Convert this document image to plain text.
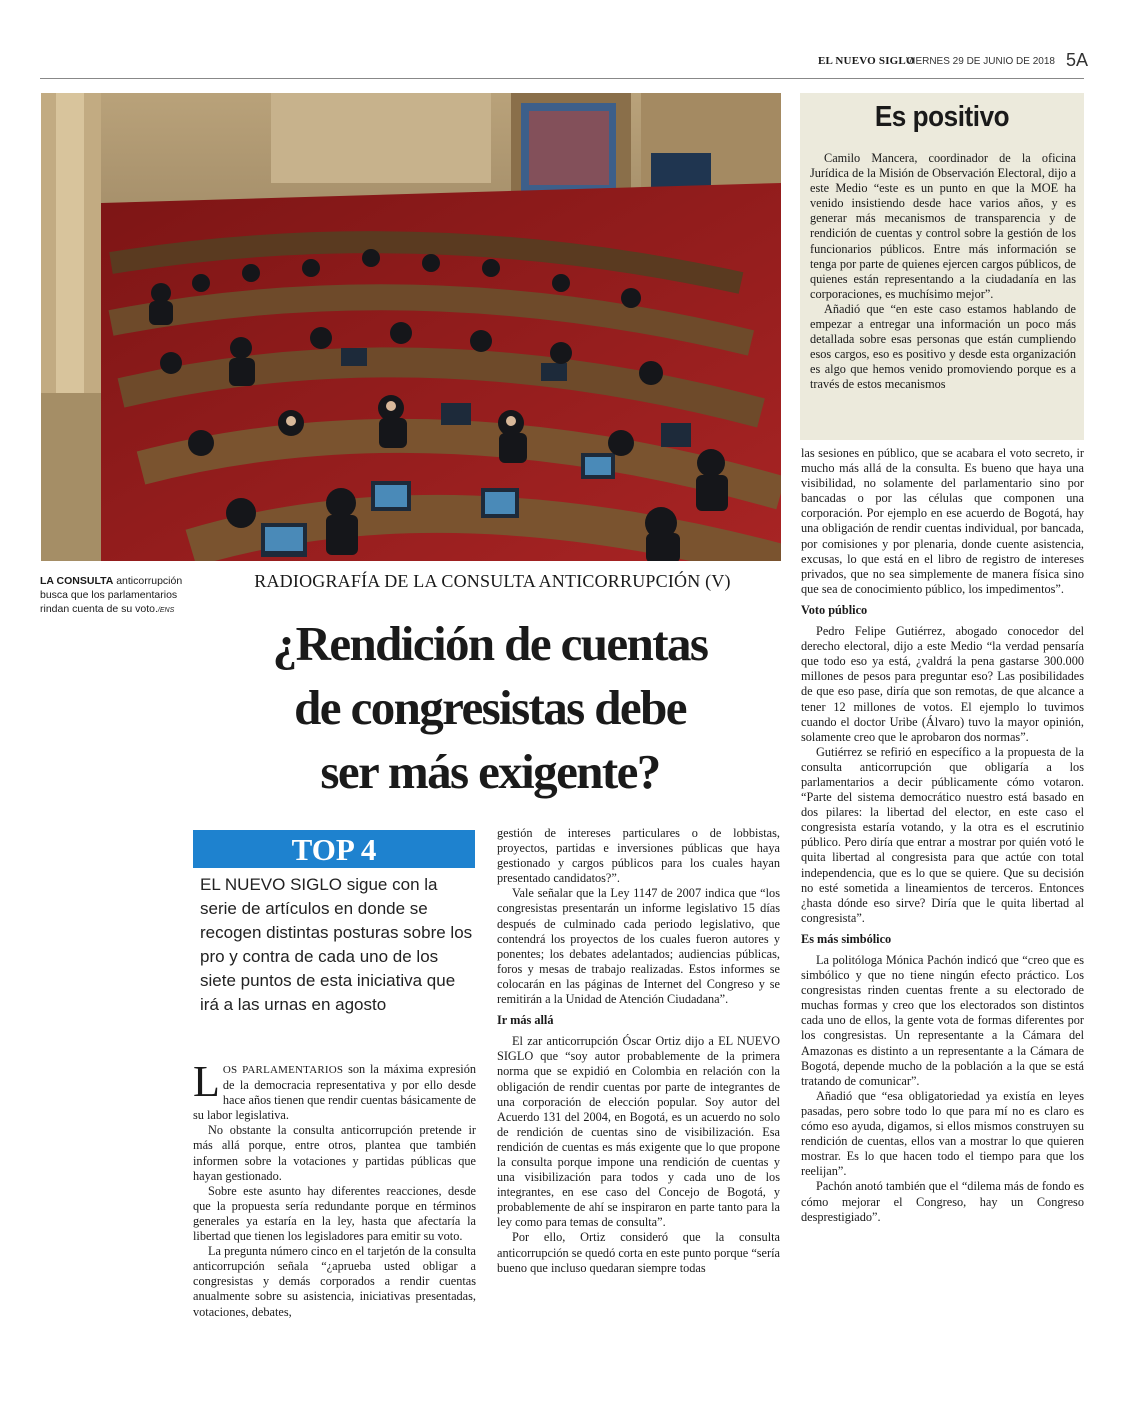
EL NUEVO SIGLO
VIERNES 29 DE JUNIO DE 2018 5A
LA CONSULTA anticorrupción busca que los parlamentarios rindan cuenta de su voto./ENS
RADIOGRAFÍA DE LA CONSULTA ANTICORRUPCIÓN (V)
¿Rendición de cuentas
de congresistas debe
ser más exigente?
TOP 4
EL NUEVO SIGLO sigue con la serie de artículos en donde se recogen distintas posturas sobre los pro y contra de cada uno de los siete puntos de esta iniciativa que irá a las urnas en agosto

LOS PARLAMENTARIOS son la máxima expresión de la democracia representativa y por ello desde hace años tienen que rendir cuentas básicamente de su labor legislativa.

No obstante la consulta anticorrupción pretende ir más allá porque, entre otros, plantea que también informen sobre la votaciones y partidas públicas que hayan gestionado.

Sobre este asunto hay diferentes reacciones, desde que la propuesta sería redundante porque en términos generales ya estaría en la ley, hasta que afectaría la libertad que tienen los legisladores para emitir su voto.

La pregunta número cinco en el tarjetón de la consulta anticorrupción señala “¿aprueba usted obligar a congresistas y demás corporados a rendir cuentas anualmente sobre su asistencia, iniciativas presentadas, votaciones, debates,

gestión de intereses particulares o de lobbistas, proyectos, partidas e inversiones públicas que haya gestionado y cargos públicos para los cuales hayan presentado candidatos?”.

Vale señalar que la Ley 1147 de 2007 indica que “los congresistas presentarán un informe legislativo 15 días después de culminado cada periodo legislativo, que contendrá los proyectos de los cuales fueron autores y ponentes; los debates adelantados; audiencias públicas, foros y mesas de trabajo realizadas. Estos informes se colocarán en las páginas de Internet del Congreso y se remitirán a la Unidad de Atención Ciudadana”.

Ir más allá

El zar anticorrupción Óscar Ortiz dijo a EL NUEVO SIGLO que “soy autor probablemente de la primera norma que se expidió en Colombia en relación con la obligación de rendir cuentas por parte de integrantes de una corporación de elección popular. Soy autor del Acuerdo 131 del 2004, en Bogotá, es un acuerdo no solo de rendición de cuentas sino de visibilización. Esa rendición de cuentas es más exigente que lo que propone la consulta porque impone una rendición de cuentas y una visibilización para todos y cada uno de los integrantes, en ese caso del Concejo de Bogotá, y probablemente de ahí se inspiraron en parte tanto para la ley como para temas de consulta”.

Por ello, Ortiz consideró que la consulta anticorrupción se quedó corta en este punto porque “sería bueno que incluso quedaran siempre todas

Es positivo

Camilo Mancera, coordinador de la oficina Jurídica de la Misión de Observación Electoral, dijo a este Medio “este es un punto en que la MOE ha venido insistiendo desde hace varios años, y es generar más mecanismos de transparencia y de rendición de cuentas y control sobre la gestión de los funcionarios públicos. Entre más información se tenga por parte de quienes ejercen cargos públicos, de quienes están representando a la ciudadanía en las corporaciones, es muchísimo mejor”.

Añadió que “en este caso estamos hablando de empezar a entregar una información un poco más detallada sobre esas personas que están cumpliendo esos cargos, eso es positivo y desde esta organización es algo que hemos venido promoviendo porque es a través de estos mecanismos

las sesiones en público, que se acabara el voto secreto, ir mucho más allá de la consulta. Es bueno que haya una visibilidad, no solamente del parlamentario sino por bancadas o por las células que componen una corporación. Por ejemplo en ese acuerdo de Bogotá, hay una obligación de rendir cuentas individual, por bancada, por comisiones y por plenaria, donde cuente asistencia, excusas, lo que está en el libro de registro de intereses privados, que no sea simplemente de manera física sino que sea de conocimiento público, los impedimentos”.

Voto público

Pedro Felipe Gutiérrez, abogado conocedor del derecho electoral, dijo a este Medio “la verdad pensaría que todo eso ya está, ¿valdrá la pena gastarse 300.000 millones de pesos para preguntar eso? Las posibilidades de que eso pase, diría que son remotas, de que alcance a tener 12 millones de votos. El ejemplo lo tuvimos cuando el doctor Uribe (Álvaro) tuvo la mayor opinión, solamente creo que le aprobaron dos normas”.

Gutiérrez se refirió en específico a la propuesta de la consulta anticorrupción que obligaría a los parlamentarios a decir públicamente cómo votaron. “Parte del sistema democrático nuestro está basado en dos pilares: la libertad del elector, en este caso el congresista estaría votando, y la otra es el escrutinio público. Pero diría que entrar a mostrar por quién votó le quita libertad al congresista para que actúe con total independencia, que es lo que se quiere. Que su decisión no esté sometida a lineamientos de terceros. Entonces ¿hasta dónde eso sirve? Diría que le quita libertad al congresista”.

Es más simbólico

La politóloga Mónica Pachón indicó que “creo que es simbólico y que no tiene ningún efecto práctico. Los congresistas rinden cuentas frente a su electorado de muchas formas y creo que los electorados son distintos cada uno de ellos, la gente vota de formas diferentes por los congresistas. Un representante a la Cámara del Amazonas es distinto a un representante a la Cámara de Bogotá, depende mucho de la población a la que se está tratando de comunicar”.

Añadió que “esa obligatoriedad ya existía en leyes pasadas, pero sobre todo lo que para mí no es claro es cómo eso ayuda, digamos, si ellos mismos construyen su rendición de cuentas, ellos van a mostrar lo que quieren mostrar. Es lo que hacen todo el tiempo para que los reelijan”.

Pachón anotó también que el “dilema más de fondo es cómo mejorar el Congreso, hay un Congreso desprestigiado”.
